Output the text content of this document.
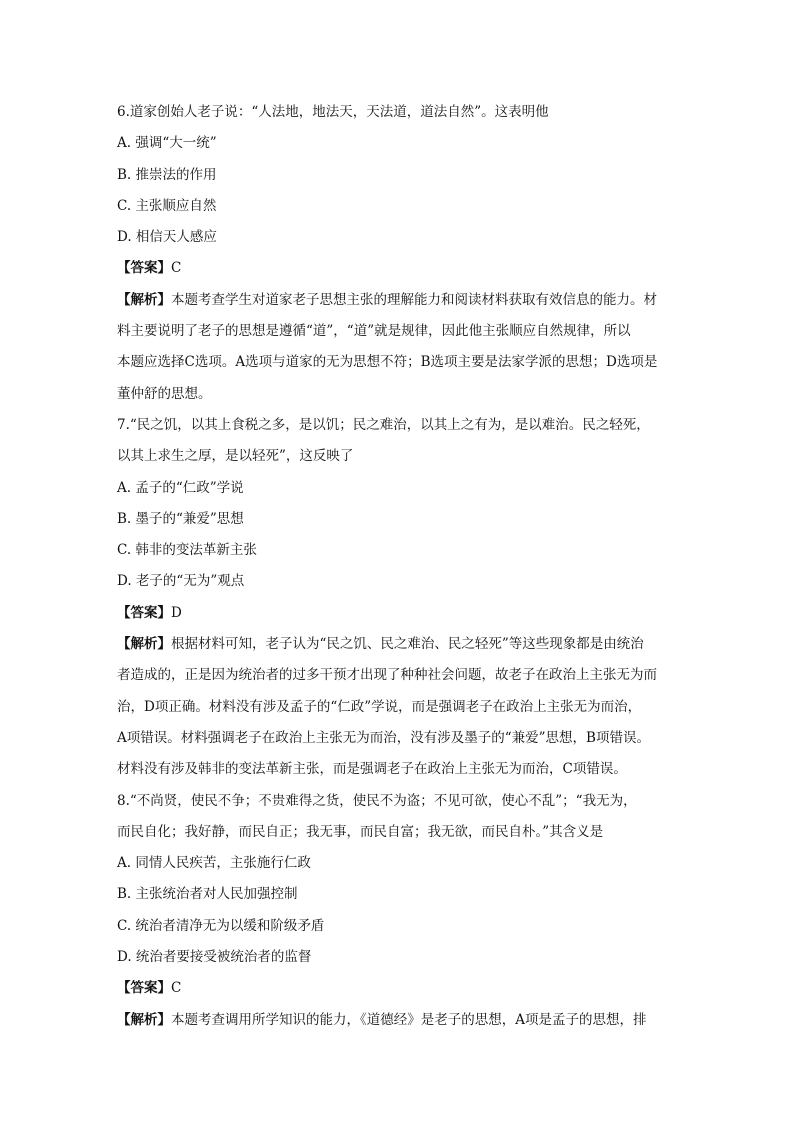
6.道家创始人老子说：“人法地，地法天，天法道，道法自然”。这表明他

A. 强调“大一统”

B. 推崇法的作用

C. 主张顺应自然

D. 相信天人感应

【答案】C

【解析】本题考查学生对道家老子思想主张的理解能力和阅读材料获取有效信息的能力。材
料主要说明了老子的思想是遵循“道”，“道”就是规律，因此他主张顺应自然规律，所以
本题应选择C选项。A选项与道家的无为思想不符；B选项主要是法家学派的思想；D选项是
董仲舒的思想。
7.“民之饥，以其上食税之多，是以饥；民之难治，以其上之有为，是以难治。民之轻死，
以其上求生之厚，是以轻死”，这反映了

A. 孟子的“仁政”学说

B. 墨子的“兼爱”思想

C. 韩非的变法革新主张

D. 老子的“无为”观点

【答案】D

【解析】根据材料可知，老子认为“民之饥、民之难治、民之轻死”等这些现象都是由统治
者造成的，正是因为统治者的过多干预才出现了种种社会问题，故老子在政治上主张无为而
治，D项正确。材料没有涉及孟子的“仁政”学说，而是强调老子在政治上主张无为而治，
A项错误。材料强调老子在政治上主张无为而治，没有涉及墨子的“兼爱”思想，B项错误。
材料没有涉及韩非的变法革新主张，而是强调老子在政治上主张无为而治，C项错误。
8.“不尚贤，使民不争；不贵难得之货，使民不为盗；不见可欲，使心不乱”；“我无为，
而民自化；我好静，而民自正；我无事，而民自富；我无欲，而民自朴。”其含义是

A. 同情人民疾苦，主张施行仁政

B. 主张统治者对人民加强控制

C. 统治者清净无为以缓和阶级矛盾

D. 统治者要接受被统治者的监督

【答案】C

【解析】本题考查调用所学知识的能力，《道德经》是老子的思想，A项是孟子的思想，排
